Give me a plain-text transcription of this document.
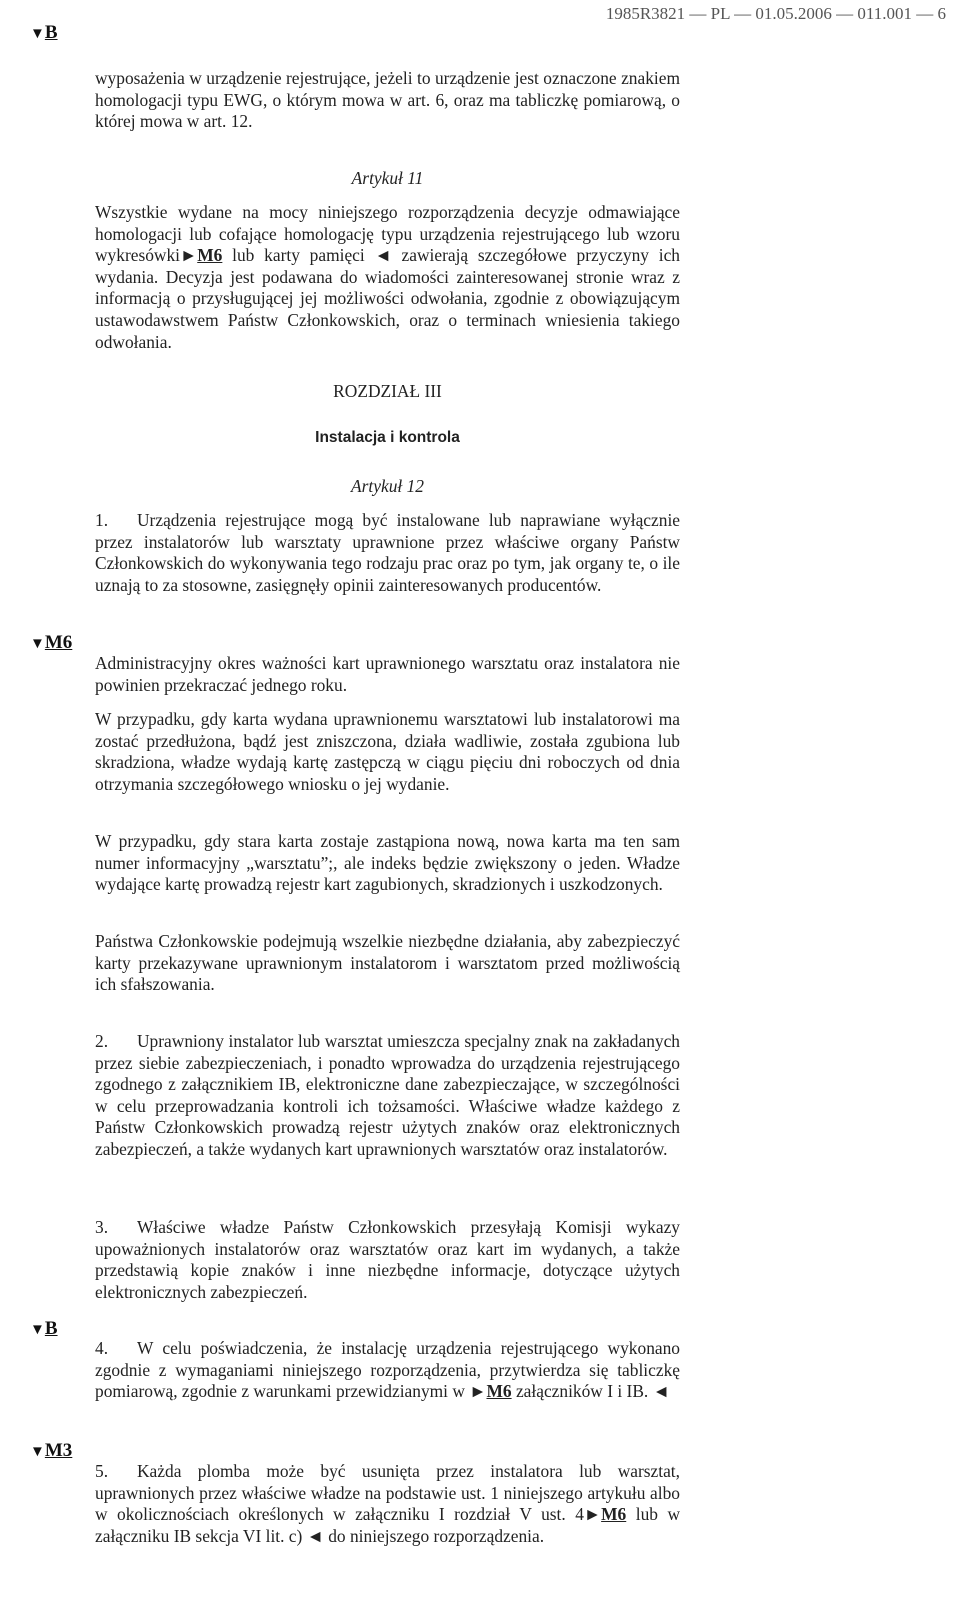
1985R3821 — PL — 01.05.2006 — 011.001 — 6
▼B

wyposażenia w urządzenie rejestrujące, jeżeli to urządzenie jest oznaczone znakiem homologacji typu EWG, o którym mowa w art. 6, oraz ma tabliczkę pomiarową, o której mowa w art. 12.

Artykuł 11

Wszystkie wydane na mocy niniejszego rozporządzenia decyzje odmawiające homologacji lub cofające homologację typu urządzenia rejestrującego lub wzoru wykresówki►M6 lub karty pamięci ◄ zawierają szczegółowe przyczyny ich wydania. Decyzja jest podawana do wiadomości zainteresowanej stronie wraz z informacją o przysługującej jej możliwości odwołania, zgodnie z obowiązującym ustawodawstwem Państw Członkowskich, oraz o terminach wniesienia takiego odwołania.

ROZDZIAŁ III
Instalacja i kontrola
Artykuł 12

1. Urządzenia rejestrujące mogą być instalowane lub naprawiane wyłącznie przez instalatorów lub warsztaty uprawnione przez właściwe organy Państw Członkowskich do wykonywania tego rodzaju prac oraz po tym, jak organy te, o ile uznają to za stosowne, zasięgnęły opinii zainteresowanych producentów.

▼M6

Administracyjny okres ważności kart uprawnionego warsztatu oraz instalatora nie powinien przekraczać jednego roku.

W przypadku, gdy karta wydana uprawnionemu warsztatowi lub instalatorowi ma zostać przedłużona, bądź jest zniszczona, działa wadliwie, została zgubiona lub skradziona, władze wydają kartę zastępczą w ciągu pięciu dni roboczych od dnia otrzymania szczegółowego wniosku o jej wydanie.

W przypadku, gdy stara karta zostaje zastąpiona nową, nowa karta ma ten sam numer informacyjny „warsztatu”;, ale indeks będzie zwiększony o jeden. Władze wydające kartę prowadzą rejestr kart zagubionych, skradzionych i uszkodzonych.

Państwa Członkowskie podejmują wszelkie niezbędne działania, aby zabezpieczyć karty przekazywane uprawnionym instalatorom i warsztatom przed możliwością ich sfałszowania.

2. Uprawniony instalator lub warsztat umieszcza specjalny znak na zakładanych przez siebie zabezpieczeniach, i ponadto wprowadza do urządzenia rejestrującego zgodnego z załącznikiem IB, elektroniczne dane zabezpieczające, w szczególności w celu przeprowadzania kontroli ich tożsamości. Właściwe władze każdego z Państw Członkowskich prowadzą rejestr użytych znaków oraz elektronicznych zabezpieczeń, a także wydanych kart uprawnionych warsztatów oraz instalatorów.

3. Właściwe władze Państw Członkowskich przesyłają Komisji wykazy upoważnionych instalatorów oraz warsztatów oraz kart im wydanych, a także przedstawią kopie znaków i inne niezbędne informacje, dotyczące użytych elektronicznych zabezpieczeń.

▼B

4. W celu poświadczenia, że instalację urządzenia rejestrującego wykonano zgodnie z wymaganiami niniejszego rozporządzenia, przytwierdza się tabliczkę pomiarową, zgodnie z warunkami przewidzianymi w ►M6 załączników I i IB. ◄

▼M3

5. Każda plomba może być usunięta przez instalatora lub warsztat, uprawnionych przez właściwe władze na podstawie ust. 1 niniejszego artykułu albo w okolicznościach określonych w załączniku I rozdział V ust. 4►M6 lub w załączniku IB sekcja VI lit. c) ◄ do niniejszego rozporządzenia.
